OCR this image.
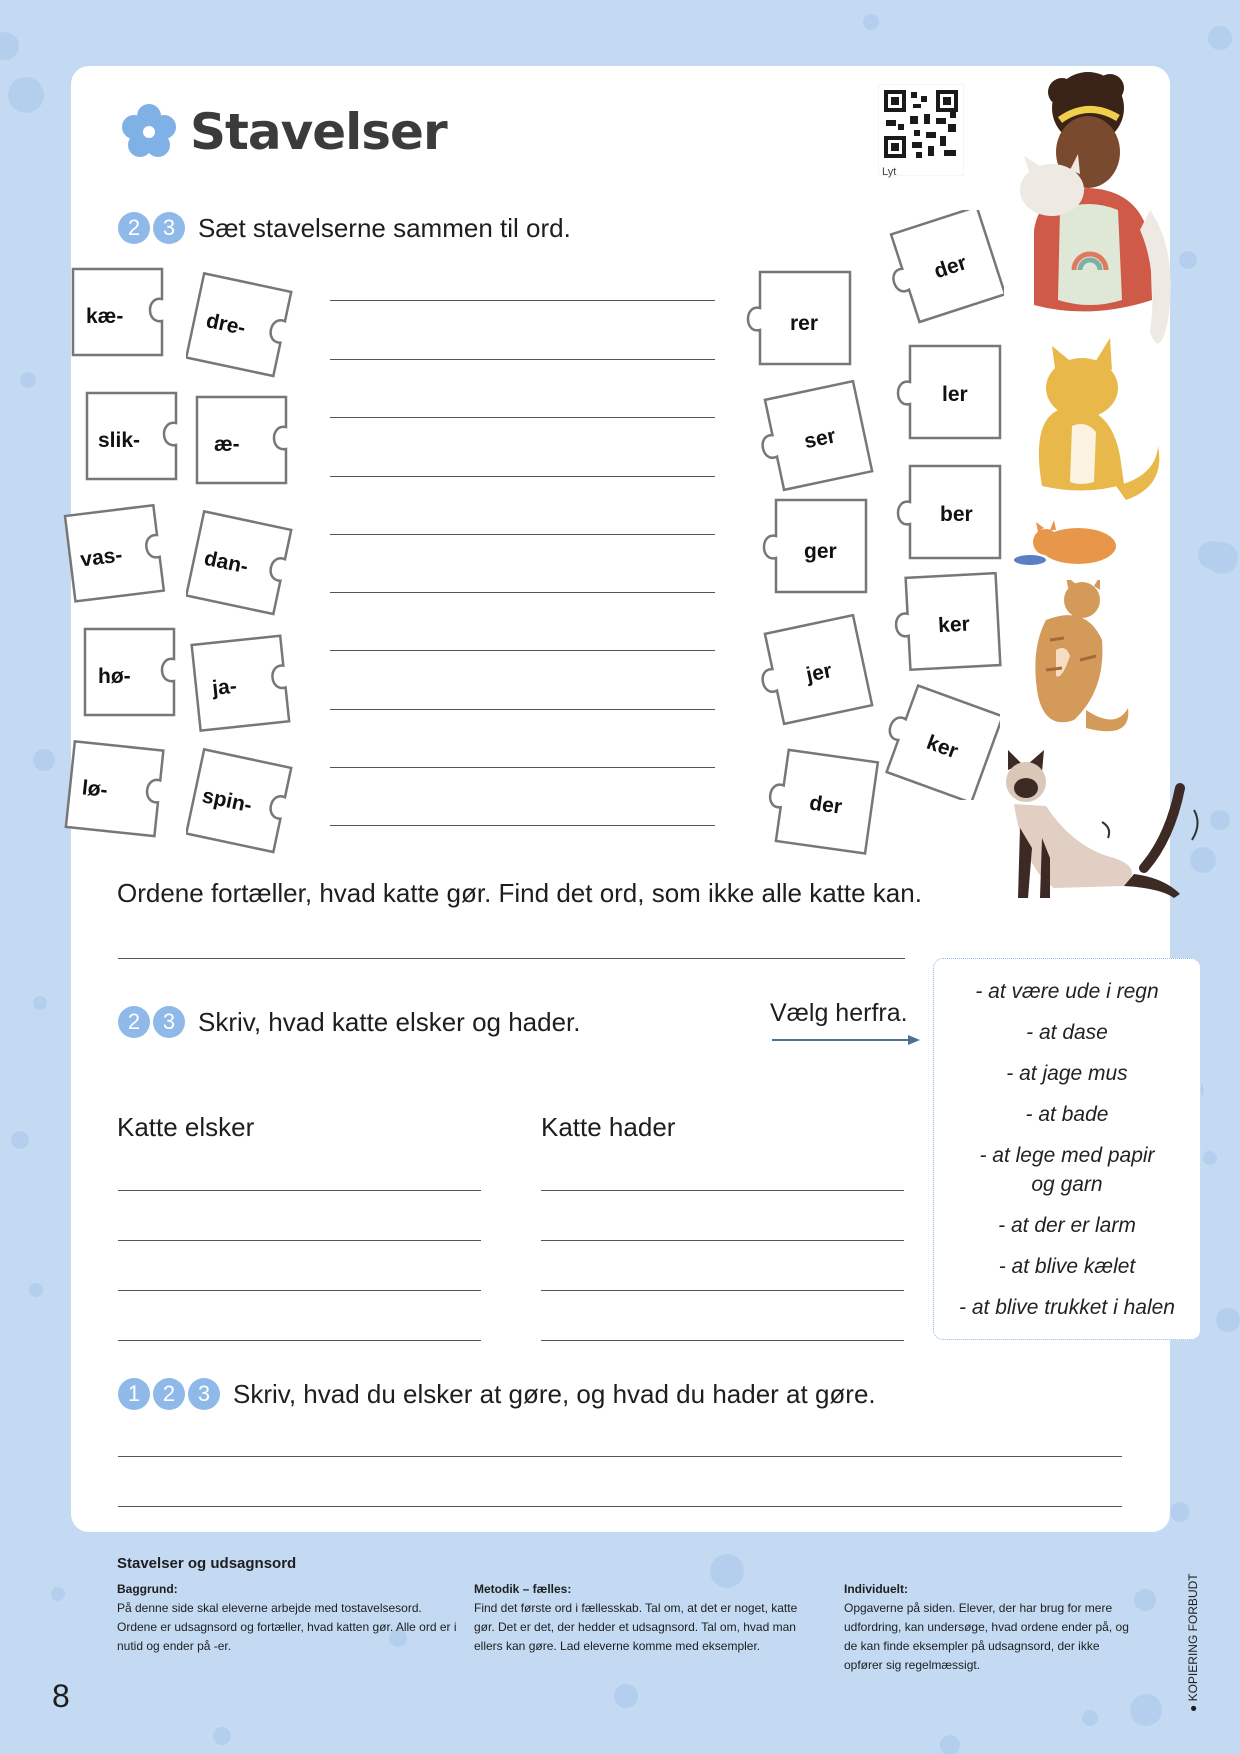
Stavelser
Lyt
2	3 Sæt stavelserne sammen til ord.
kæ-	dre-
slik-	æ-
vas-	dan-
hø-	ja-
lø-	spin-
rer
der
ler
ser
ber
ger
ker
jer
ker
der
Ordene fortæller, hvad katte gør. Find det ord, som ikke alle katte kan.
2	3 Skriv, hvad katte elsker og hader.	Vælg herfra.
Katte elsker	Katte hader
- at være ude i regn
- at dase
- at jage mus
- at bade
- at lege med papir og garn
- at der er larm
- at blive kælet
- at blive trukket i halen
1	2	3 Skriv, hvad du elsker at gøre, og hvad du hader at gøre.
Stavelser og udsagnsord
Baggrund:
På denne side skal eleverne arbejde med tostavelsesord. Ordene er udsagnsord og fortæller, hvad katten gør. Alle ord er i nutid og ender på -er.
Metodik – fælles:
Find det første ord i fællesskab. Tal om, at det er noget, katte gør. Det er det, der hedder et udsagnsord. Tal om, hvad man ellers kan gøre. Lad eleverne komme med eksempler.
Individuelt:
Opgaverne på siden. Elever, der har brug for mere udfordring, kan undersøge, hvad ordene ender på, og de kan finde eksempler på udsagnsord, der ikke opfører sig regelmæssigt.
8	● KOPIERING FORBUDT
